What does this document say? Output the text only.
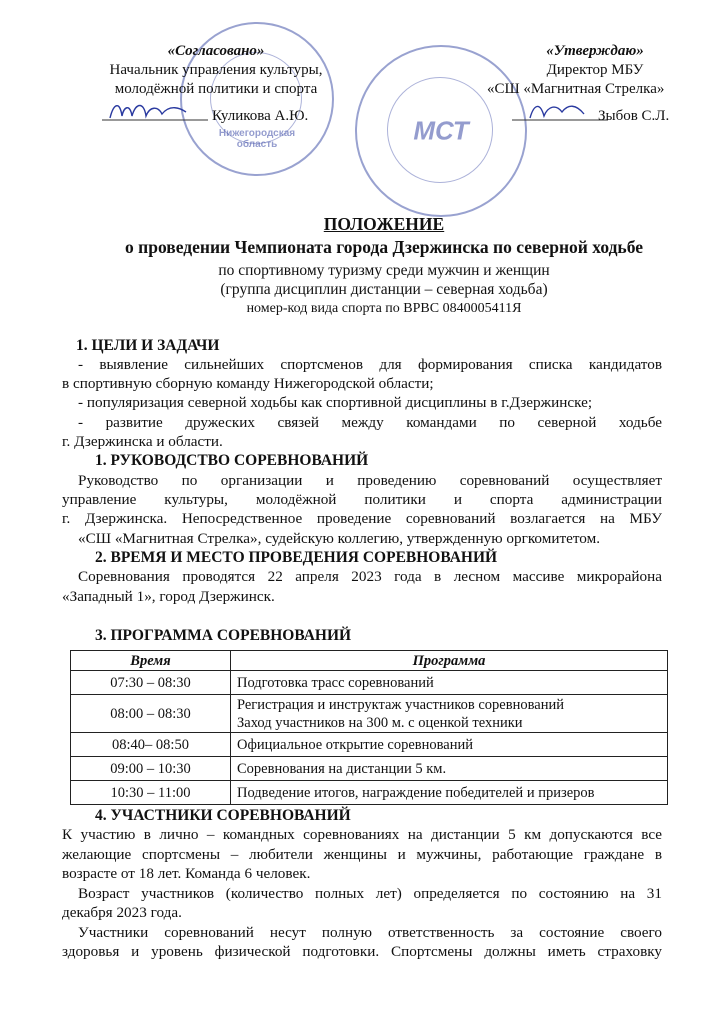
Нижегородская область	МСТ
«Согласовано»
Начальник управления культуры,
молодёжной политики и спорта
Куликова А.Ю.
«Утверждаю»
Директор МБУ
«СШ «Магнитная Стрелка»
Зыбов С.Л.
ПОЛОЖЕНИЕ
о проведении Чемпионата города Дзержинска по северной ходьбе
по спортивному туризму среди мужчин и женщин
(группа дисциплин дистанции – северная ходьба)
номер-код вида спорта по ВРВС 0840005411Я
1. ЦЕЛИ И ЗАДАЧИ
- выявление сильнейших спортсменов для формирования списка кандидатов
в спортивную сборную команду Нижегородской области;
- популяризация северной ходьбы как спортивной дисциплины в г.Дзержинске;
- развитие дружеских связей между командами по северной ходьбе
г. Дзержинска и области.
1. РУКОВОДСТВО СОРЕВНОВАНИЙ
Руководство по организации и проведению соревнований осуществляет
управление культуры, молодёжной политики и спорта администрации
г. Дзержинска. Непосредственное проведение соревнований возлагается на МБУ
«СШ «Магнитная Стрелка», судейскую коллегию, утвержденную оргкомитетом.
2. ВРЕМЯ И МЕСТО ПРОВЕДЕНИЯ СОРЕВНОВАНИЙ
Соревнования проводятся 22 апреля 2023 года в лесном массиве микрорайона
«Западный 1», город Дзержинск.
3. ПРОГРАММА СОРЕВНОВАНИЙ
Время	Программа
07:30 – 08:30	Подготовка трасс соревнований
08:00 – 08:30	Регистрация и инструктаж участников соревнований
Заход участников на 300 м. с оценкой техники

08:40– 08:50	Официальное открытие соревнований
09:00 – 10:30	Соревнования на дистанции 5 км.
10:30 – 11:00	Подведение итогов, награждение победителей и призеров
4. УЧАСТНИКИ СОРЕВНОВАНИЙ
К участию в лично – командных соревнованиях на дистанции 5 км допускаются все
желающие спортсмены – любители женщины и мужчины, работающие граждане в
возрасте от 18 лет. Команда 6 человек.
Возраст участников (количество полных лет) определяется по состоянию на 31
декабря 2023 года.
Участники соревнований несут полную ответственность за состояние своего
здоровья и уровень физической подготовки. Спортсмены должны иметь страховку
